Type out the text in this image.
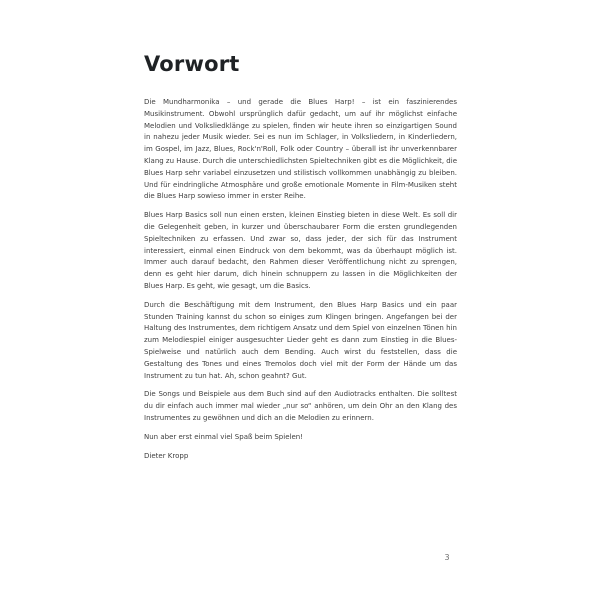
Vorwort

Die Mundharmonika – und gerade die Blues Harp! – ist ein faszinierendes Musikinstrument. Obwohl ursprünglich dafür gedacht, um auf ihr möglichst einfache Melodien und Volksliedklänge zu spielen, finden wir heute ihren so einzigartigen Sound in nahezu jeder Musik wieder. Sei es nun im Schlager, in Volksliedern, in Kinderliedern, im Gospel, im Jazz, Blues, Rock'n'Roll, Folk oder Country – überall ist ihr unverkennbarer Klang zu Hause. Durch die unterschiedlichsten Spieltechniken gibt es die Möglichkeit, die Blues Harp sehr variabel einzusetzen und stilistisch vollkommen unabhängig zu bleiben. Und für eindringliche Atmosphäre und große emotionale Momente in Film-Musiken steht die Blues Harp sowieso immer in erster Reihe.

Blues Harp Basics soll nun einen ersten, kleinen Einstieg bieten in diese Welt. Es soll dir die Gelegenheit geben, in kurzer und überschaubarer Form die ersten grundlegenden Spieltechniken zu erfassen. Und zwar so, dass jeder, der sich für das Instrument interessiert, einmal einen Eindruck von dem bekommt, was da überhaupt möglich ist. Immer auch darauf bedacht, den Rahmen dieser Veröffentlichung nicht zu sprengen, denn es geht hier darum, dich hinein schnuppern zu lassen in die Möglichkeiten der Blues Harp. Es geht, wie gesagt, um die Basics.

Durch die Beschäftigung mit dem Instrument, den Blues Harp Basics und ein paar Stunden Training kannst du schon so einiges zum Klingen bringen. Angefangen bei der Haltung des Instrumentes, dem richtigem Ansatz und dem Spiel von einzelnen Tönen hin zum Melodiespiel einiger ausgesuchter Lieder geht es dann zum Einstieg in die Blues-Spielweise und natürlich auch dem Bending. Auch wirst du feststellen, dass die Gestaltung des Tones und eines Tremolos doch viel mit der Form der Hände um das Instrument zu tun hat. Ah, schon geahnt? Gut.

Die Songs und Beispiele aus dem Buch sind auf den Audiotracks enthalten. Die solltest du dir einfach auch immer mal wieder „nur so“ anhören, um dein Ohr an den Klang des Instrumentes zu gewöhnen und dich an die Melodien zu erinnern.

Nun aber erst einmal viel Spaß beim Spielen!

Dieter Kropp

3
